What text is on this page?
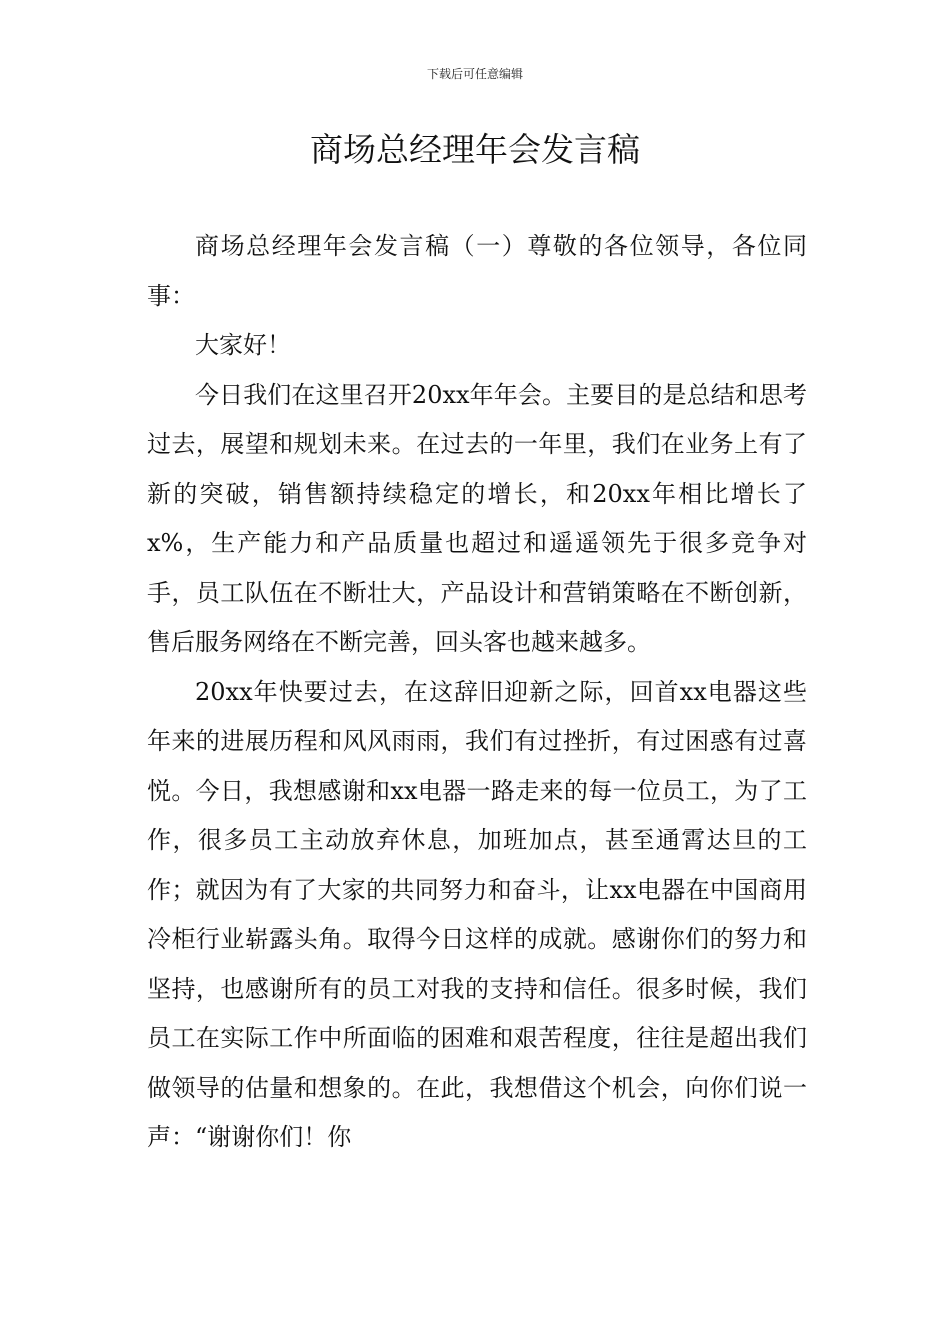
下载后可任意编辑
商场总经理年会发言稿

商场总经理年会发言稿（一）尊敬的各位领导，各位同事：

大家好！

今日我们在这里召开20xx年年会。主要目的是总结和思考过去，展望和规划未来。在过去的一年里，我们在业务上有了新的突破，销售额持续稳定的增长，和20xx年相比增长了x%，生产能力和产品质量也超过和遥遥领先于很多竞争对手，员工队伍在不断壮大，产品设计和营销策略在不断创新，售后服务网络在不断完善，回头客也越来越多。

20xx年快要过去，在这辞旧迎新之际，回首xx电器这些年来的进展历程和风风雨雨，我们有过挫折，有过困惑有过喜悦。今日，我想感谢和xx电器一路走来的每一位员工，为了工作，很多员工主动放弃休息，加班加点，甚至通霄达旦的工作；就因为有了大家的共同努力和奋斗，让xx电器在中国商用冷柜行业崭露头角。取得今日这样的成就。感谢你们的努力和坚持，也感谢所有的员工对我的支持和信任。很多时候，我们员工在实际工作中所面临的困难和艰苦程度，往往是超出我们做领导的估量和想象的。在此，我想借这个机会，向你们说一声：“谢谢你们！你
